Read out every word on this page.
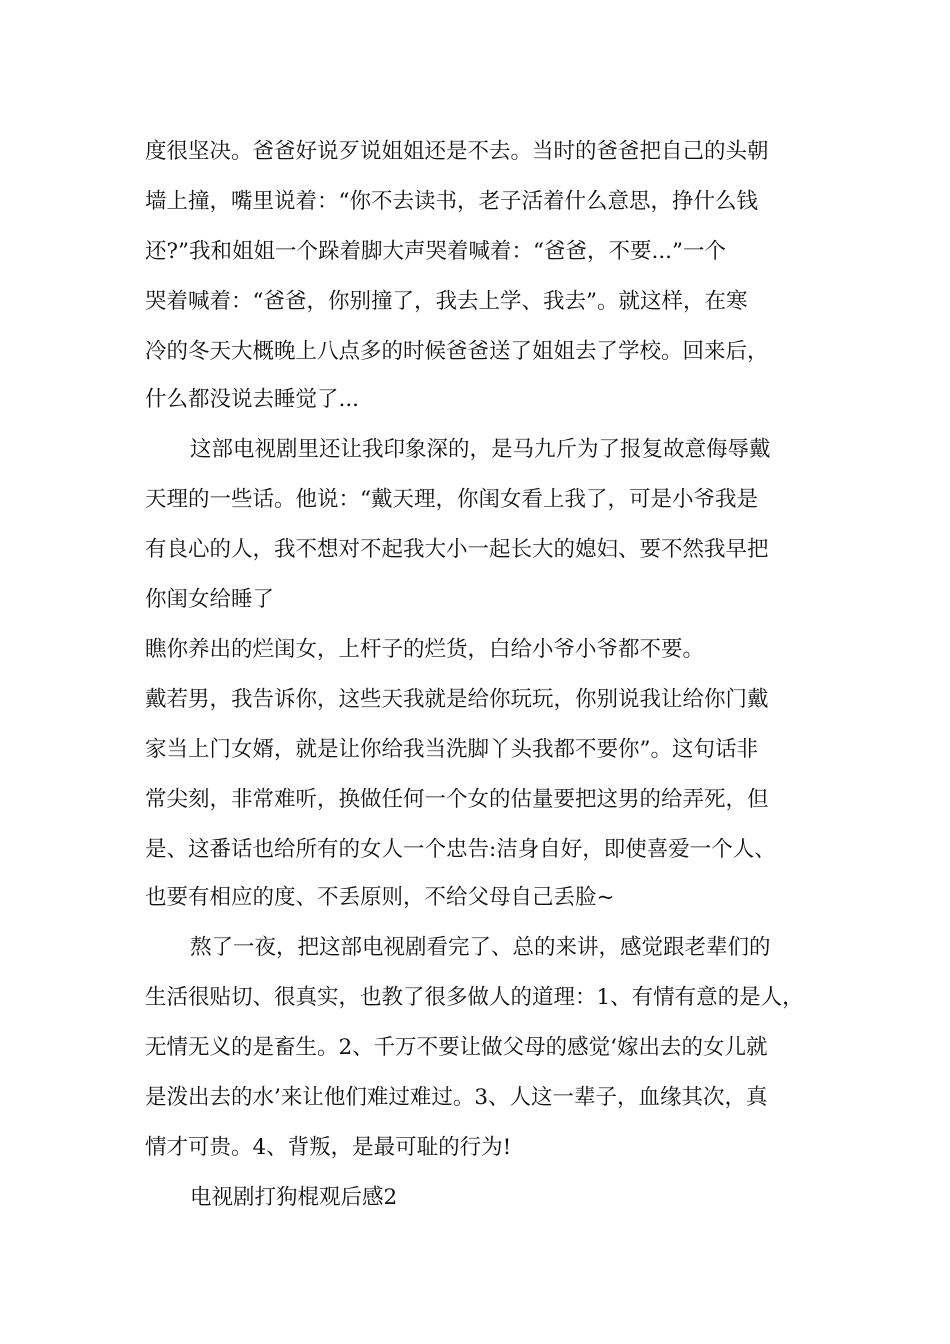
度很坚决。爸爸好说歹说姐姐还是不去。当时的爸爸把自己的头朝
墙上撞，嘴里说着：“你不去读书，老子活着什么意思，挣什么钱
还?”我和姐姐一个跺着脚大声哭着喊着：“爸爸，不要...”一个
哭着喊着：“爸爸，你别撞了，我去上学、我去”。就这样，在寒
冷的冬天大概晚上八点多的时候爸爸送了姐姐去了学校。回来后，
什么都没说去睡觉了...
这部电视剧里还让我印象深的，是马九斤为了报复故意侮辱戴
天理的一些话。他说：“戴天理，你闺女看上我了，可是小爷我是
有良心的人，我不想对不起我大小一起长大的媳妇、要不然我早把
你闺女给睡了
瞧你养出的烂闺女，上杆子的烂货，白给小爷小爷都不要。
戴若男，我告诉你，这些天我就是给你玩玩，你别说我让给你门戴
家当上门女婿，就是让你给我当洗脚丫头我都不要你”。这句话非
常尖刻，非常难听，换做任何一个女的估量要把这男的给弄死，但
是、这番话也给所有的女人一个忠告:洁身自好，即使喜爱一个人、
也要有相应的度、不丢原则，不给父母自己丢脸~
熬了一夜，把这部电视剧看完了、总的来讲，感觉跟老辈们的
生活很贴切、很真实，也教了很多做人的道理：1、有情有意的是人，
无情无义的是畜生。2、千万不要让做父母的感觉‘嫁出去的女儿就
是泼出去的水’来让他们难过难过。3、人这一辈子，血缘其次，真
情才可贵。4、背叛，是最可耻的行为!
电视剧打狗棍观后感2
